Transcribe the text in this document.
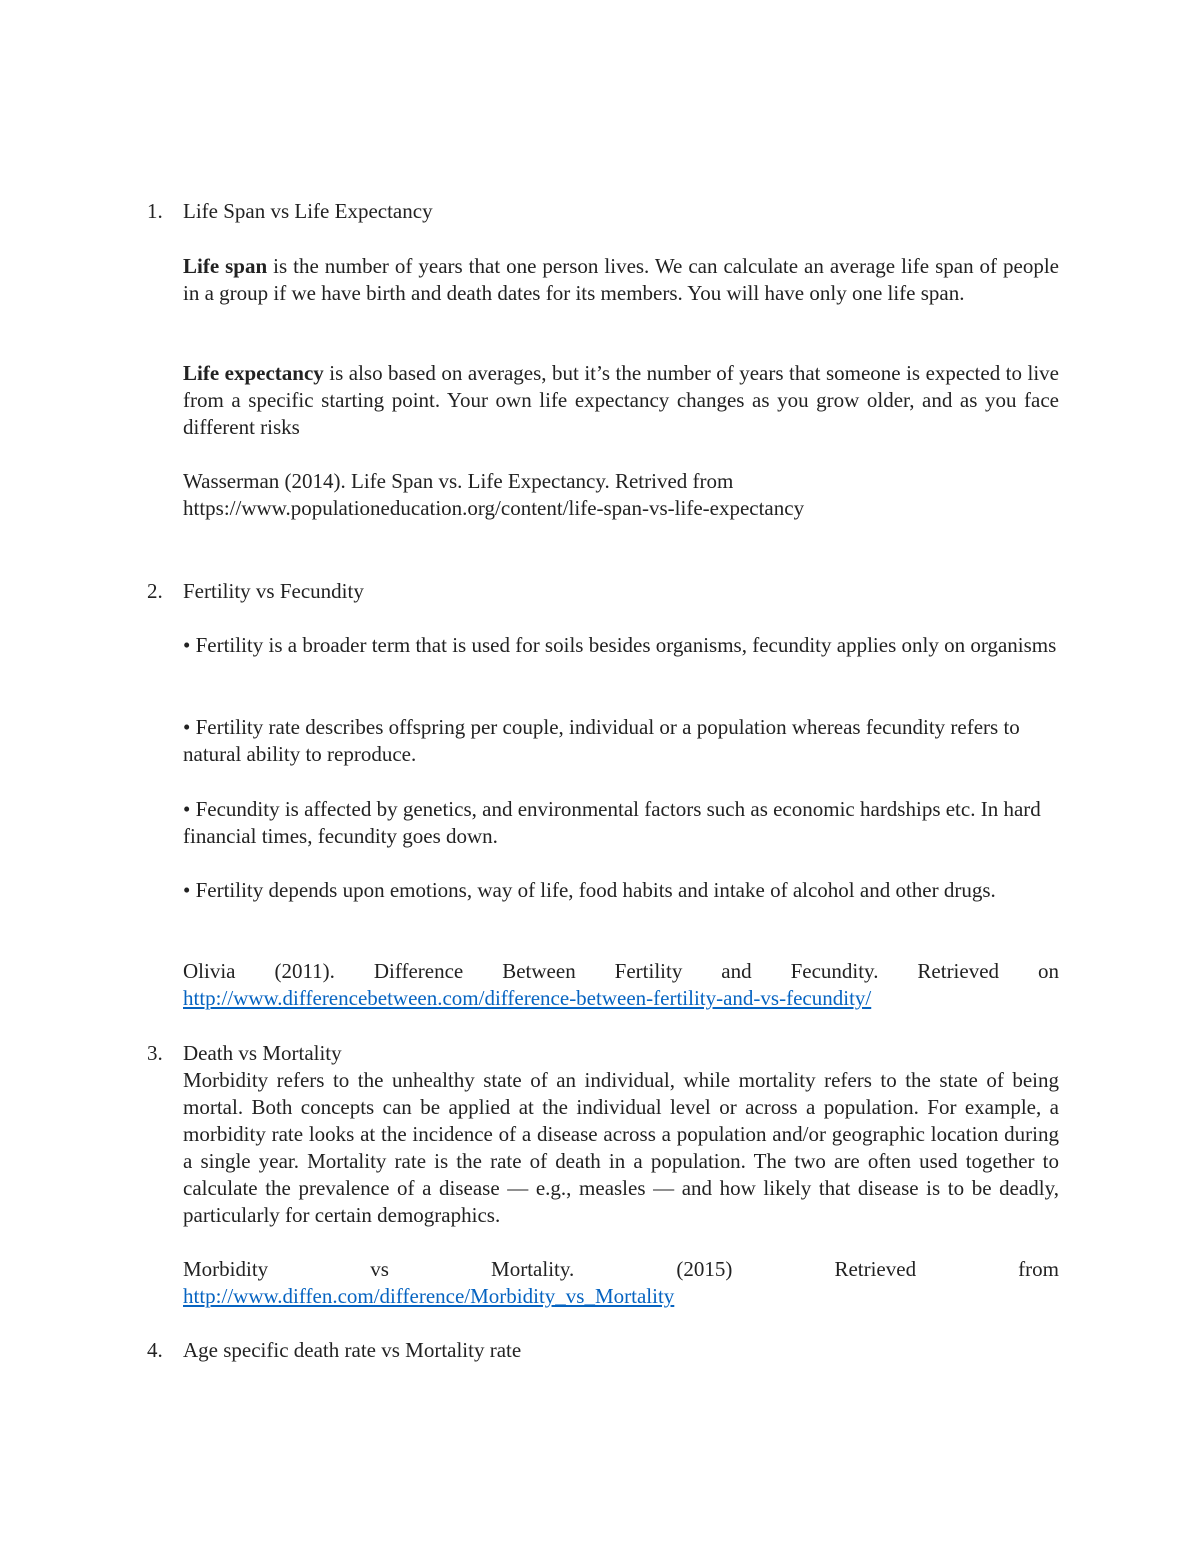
1. Life Span vs Life Expectancy

Life span is the number of years that one person lives. We can calculate an average life span of people in a group if we have birth and death dates for its members. You will have only one life span.

Life expectancy is also based on averages, but it’s the number of years that someone is expected to live from a specific starting point. Your own life expectancy changes as you grow older, and as you face different risks

Wasserman (2014). Life Span vs. Life Expectancy. Retrived from https://www.populationeducation.org/content/life-span-vs-life-expectancy

2. Fertility vs Fecundity

• Fertility is a broader term that is used for soils besides organisms, fecundity applies only on organisms

• Fertility rate describes offspring per couple, individual or a population whereas fecundity refers to natural ability to reproduce.

• Fecundity is affected by genetics, and environmental factors such as economic hardships etc. In hard financial times, fecundity goes down.

• Fertility depends upon emotions, way of life, food habits and intake of alcohol and other drugs.

Olivia (2011). Difference Between Fertility and Fecundity. Retrieved on

http://www.differencebetween.com/difference-between-fertility-and-vs-fecundity/

3. Death vs Mortality

Morbidity refers to the unhealthy state of an individual, while mortality refers to the state of being mortal. Both concepts can be applied at the individual level or across a population. For example, a morbidity rate looks at the incidence of a disease across a population and/or geographic location during a single year. Mortality rate is the rate of death in a population. The two are often used together to calculate the prevalence of a disease — e.g., measles — and how likely that disease is to be deadly, particularly for certain demographics.

Morbidity vs Mortality. (2015) Retrieved from

http://www.diffen.com/difference/Morbidity_vs_Mortality

4. Age specific death rate vs Mortality rate
